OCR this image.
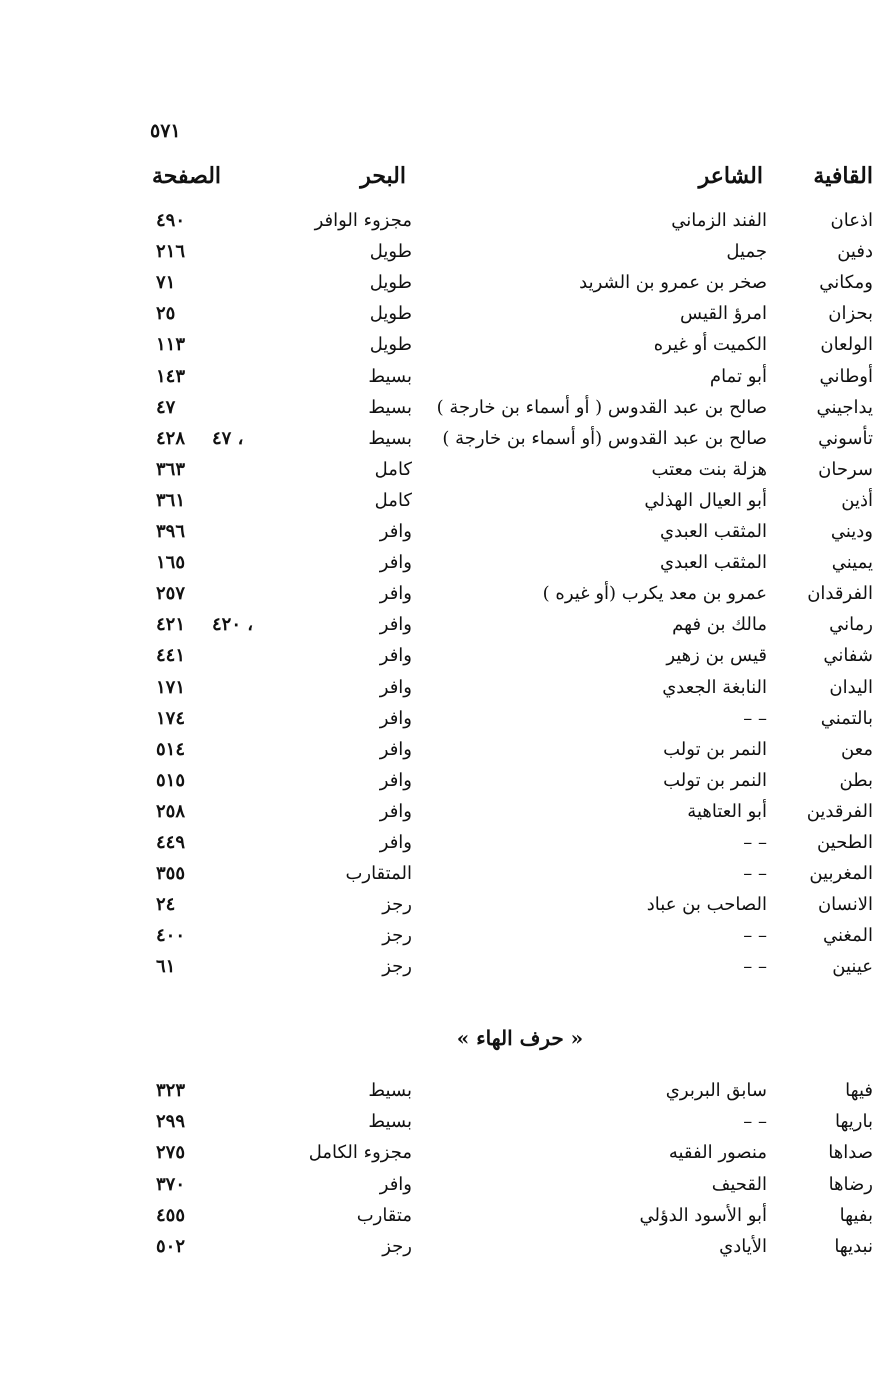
٥٧١
القافية
الشاعر
البحر
الصفحة
اذعان
الفند الزماني
مجزوء الوافر
٤٩٠
دفين
جميل
طويل
٢١٦
ومكاني
صخر بن عمرو بن الشريد
طويل
٧١
بحزان
امرؤ القيس
طويل
٢٥
الولعان
الكميت أو غيره
طويل
١١٣
أوطاني
أبو تمام
بسيط
١٤٣
يداجيني
صالح بن عبد القدوس ( أو أسماء بن خارجة )
بسيط
٤٧
تأسوني
صالح بن عبد القدوس (أو أسماء بن خارجة )
بسيط
٤٢٨ ٤٧ ،
سرحان
هزلة بنت معتب
كامل
٣٦٣
أذين
أبو العيال الهذلي
كامل
٣٦١
وديني
المثقب العبدي
وافر
٣٩٦
يميني
المثقب العبدي
وافر
١٦٥
الفرقدان
عمرو بن معد يكرب (أو غيره )
وافر
٢٥٧
رماني
مالك بن فهم
وافر
٤٢١ ٤٢٠ ،
شفاني
قيس بن زهير
وافر
٤٤١
اليدان
النابغة الجعدي
وافر
١٧١
بالتمني
– –
وافر
١٧٤
معن
النمر بن تولب
وافر
٥١٤
بطن
النمر بن تولب
وافر
٥١٥
الفرقدين
أبو العتاهية
وافر
٢٥٨
الطحين
– –
وافر
٤٤٩
المغربين
– –
المتقارب
٣٥٥
الانسان
الصاحب بن عباد
رجز
٢٤
المغني
– –
رجز
٤٠٠
عينين
– –
رجز
٦١
« حرف الهاء »
فيها
سابق البربري
بسيط
٣٢٣
باريها
– –
بسيط
٢٩٩
صداها
منصور الفقيه
مجزوء الكامل
٢٧٥
رضاها
القحيف
وافر
٣٧٠
بفيها
أبو الأسود الدؤلي
متقارب
٤٥٥
نبديها
الأيادي
رجز
٥٠٢
